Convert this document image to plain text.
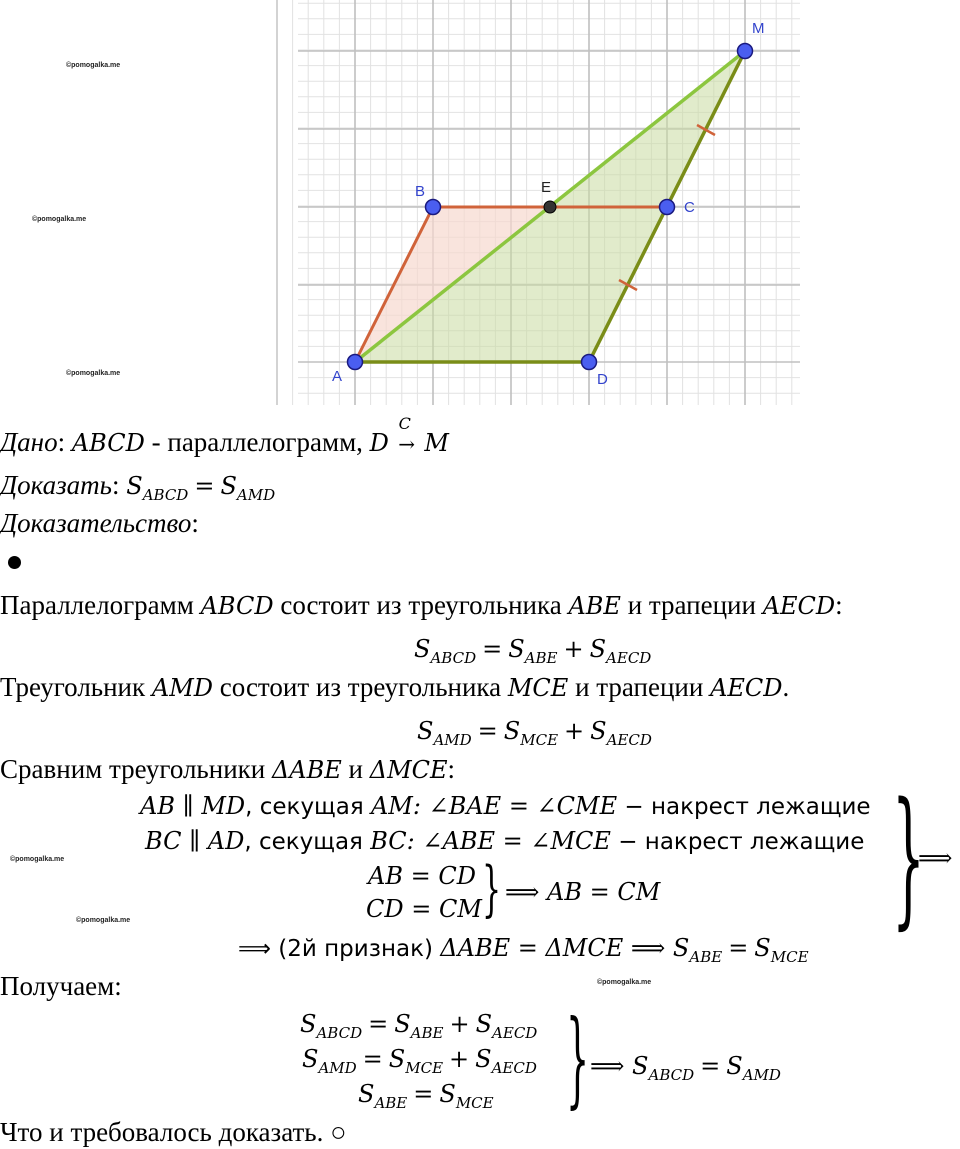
©pomogalka.me
©pomogalka.me
©pomogalka.me
©pomogalka.me
©pomogalka.me
©pomogalka.me
A
B
C
D
E
M
Дано: ABCD - параллелограмм, D
C
→ M
Доказать: $S_{ABCD} = S_{AMD}$
Доказательство:
Параллелограмм ABCD состоит из треугольника ABE и трапеции AECD:
$S_{ABCD} = S_{ABE} + S_{AECD}$
Треугольник AMD состоит из треугольника MCE и трапеции AECD.
$S_{AMD} = S_{MCE} + S_{AECD}$
Сравним треугольники ΔABE и ΔMCE:
AB ∥ MD, секущая AM: ∠BAE = ∠CME − накрест лежащие
BC ∥ AD, секущая BC: ∠ABE = ∠MCE − накрест лежащие
AB = CD
CD = CM } ⟹ AB = CM }
⟹
⟹ (2й признак) ΔABE = ΔMCE ⟹ $S_{ABE} = S_{MCE}$
Получаем:
$S_{ABCD} = S_{ABE} + S_{AECD}$
$S_{AMD} = S_{MCE} + S_{AECD}$
$S_{ABE} = S_{MCE}$ } ⟹ $S_{ABCD} = S_{AMD}$
Что и требовалось доказать. ○
